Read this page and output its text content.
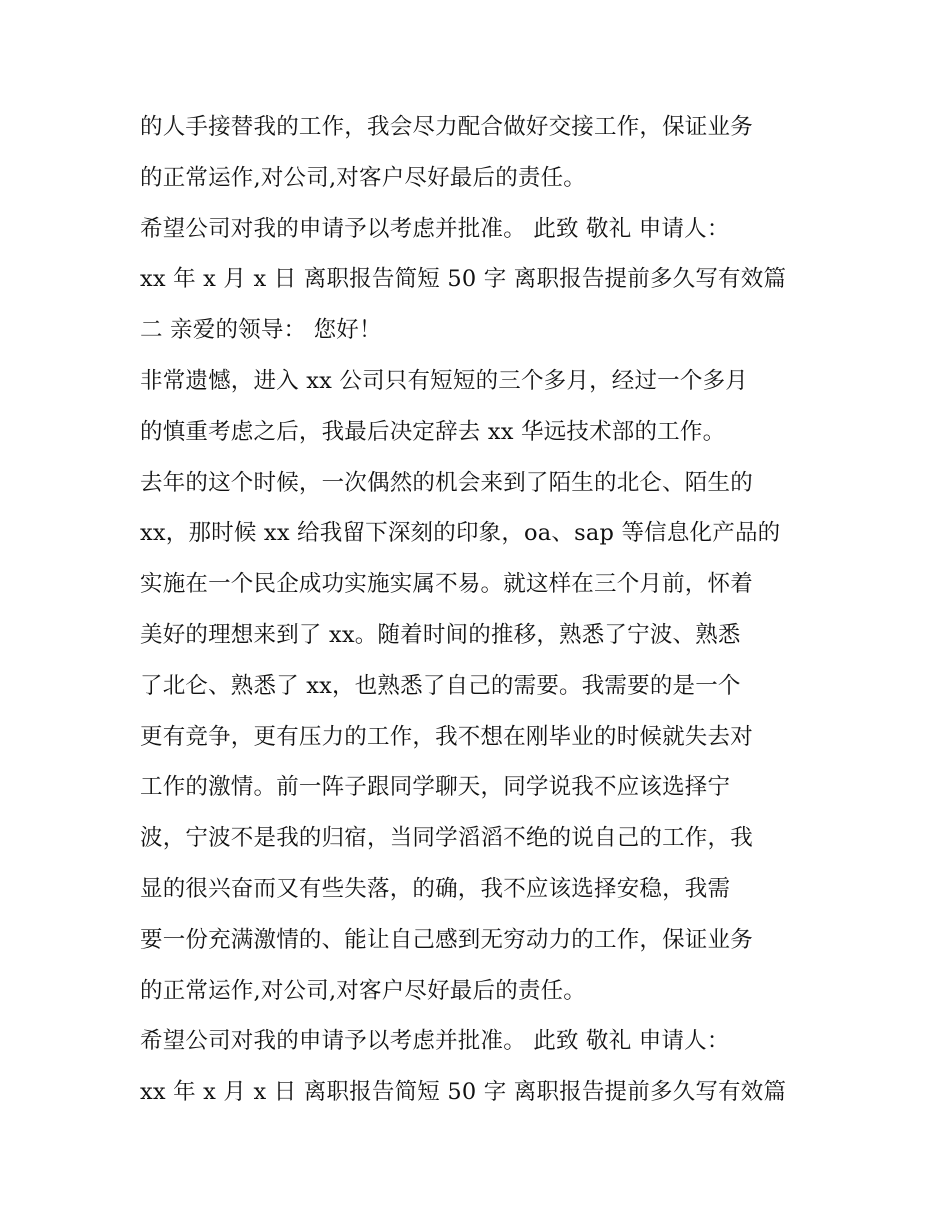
的人手接替我的工作，我会尽力配合做好交接工作，保证业务
的正常运作,对公司,对客户尽好最后的责任。
希望公司对我的申请予以考虑并批准。 此致 敬礼 申请人：
xx 年 x 月 x 日 离职报告简短 50 字 离职报告提前多久写有效篇
二 亲爱的领导： 您好！
非常遗憾，进入 xx 公司只有短短的三个多月，经过一个多月
的慎重考虑之后，我最后决定辞去 xx 华远技术部的工作。
去年的这个时候，一次偶然的机会来到了陌生的北仑、陌生的
xx，那时候 xx 给我留下深刻的印象，oa、sap 等信息化产品的
实施在一个民企成功实施实属不易。就这样在三个月前，怀着
美好的理想来到了 xx。随着时间的推移，熟悉了宁波、熟悉
了北仑、熟悉了 xx，也熟悉了自己的需要。我需要的是一个
更有竞争，更有压力的工作，我不想在刚毕业的时候就失去对
工作的激情。前一阵子跟同学聊天，同学说我不应该选择宁
波，宁波不是我的归宿，当同学滔滔不绝的说自己的工作，我
显的很兴奋而又有些失落，的确，我不应该选择安稳，我需
要一份充满激情的、能让自己感到无穷动力的工作，保证业务
的正常运作,对公司,对客户尽好最后的责任。
希望公司对我的申请予以考虑并批准。 此致 敬礼 申请人：
xx 年 x 月 x 日 离职报告简短 50 字 离职报告提前多久写有效篇
